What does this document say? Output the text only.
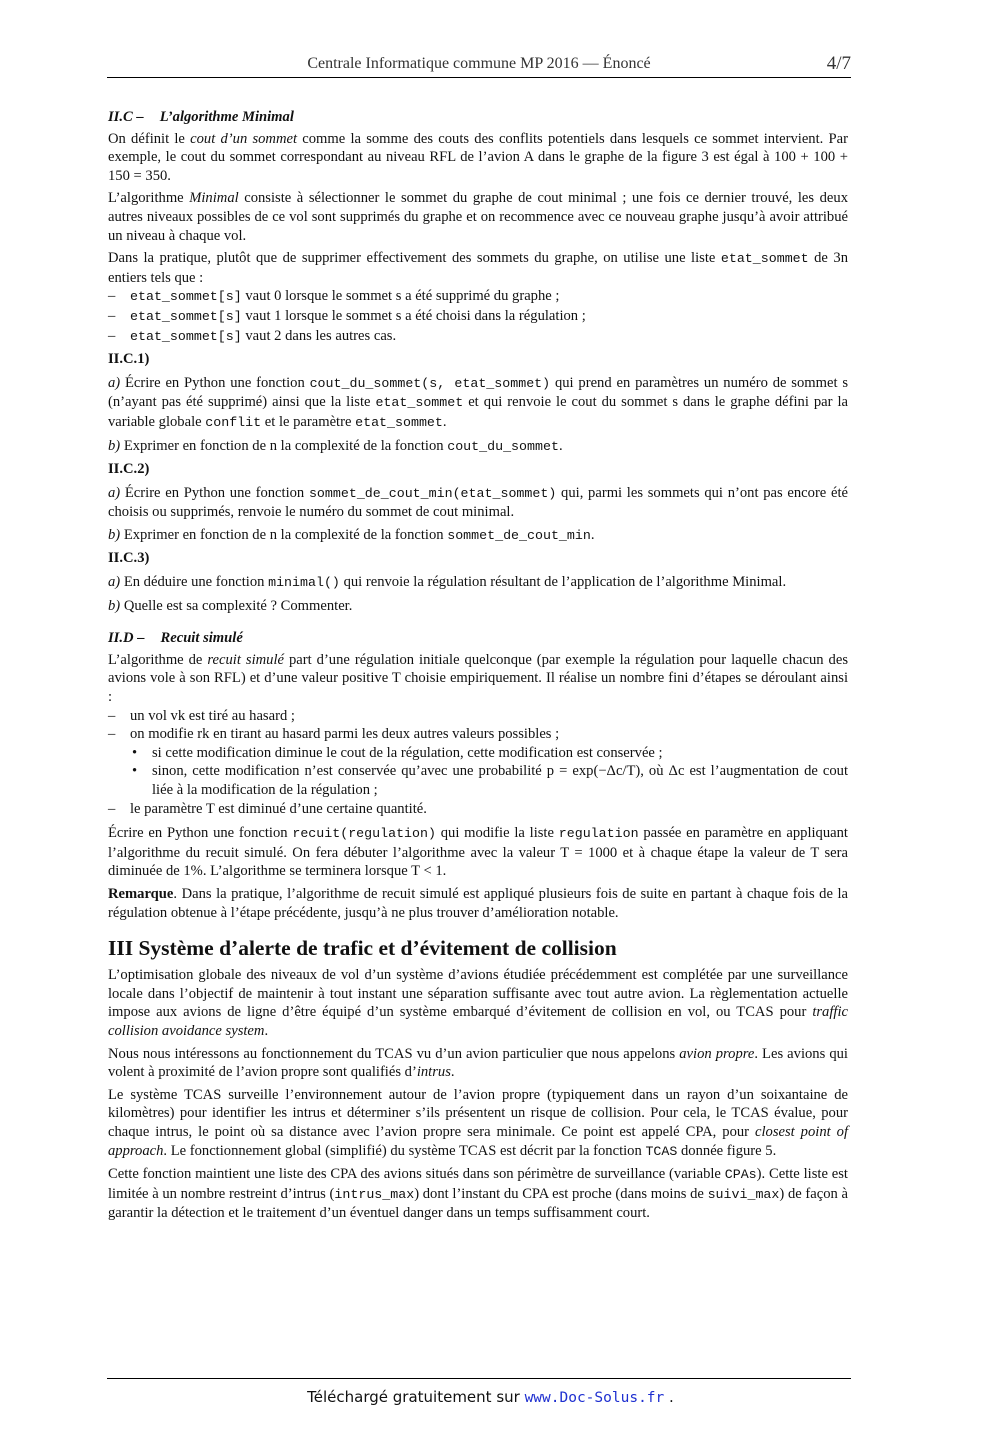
Centrale Informatique commune MP 2016 — Énoncé	4/7
II.C – L’algorithme Minimal

On définit le cout d’un sommet comme la somme des couts des conflits potentiels dans lesquels ce sommet intervient. Par exemple, le cout du sommet correspondant au niveau RFL de l’avion A dans le graphe de la figure 3 est égal à 100 + 100 + 150 = 350.

L’algorithme Minimal consiste à sélectionner le sommet du graphe de cout minimal ; une fois ce dernier trouvé, les deux autres niveaux possibles de ce vol sont supprimés du graphe et on recommence avec ce nouveau graphe jusqu’à avoir attribué un niveau à chaque vol.

Dans la pratique, plutôt que de supprimer effectivement des sommets du graphe, on utilise une liste etat_sommet de 3n entiers tels que :

– etat_sommet[s] vaut 0 lorsque le sommet s a été supprimé du graphe ;
– etat_sommet[s] vaut 1 lorsque le sommet s a été choisi dans la régulation ;
– etat_sommet[s] vaut 2 dans les autres cas.
II.C.1)

a) Écrire en Python une fonction cout_du_sommet(s, etat_sommet) qui prend en paramètres un numéro de sommet s (n’ayant pas été supprimé) ainsi que la liste etat_sommet et qui renvoie le cout du sommet s dans le graphe défini par la variable globale conflit et le paramètre etat_sommet.

b) Exprimer en fonction de n la complexité de la fonction cout_du_sommet.

II.C.2)

a) Écrire en Python une fonction sommet_de_cout_min(etat_sommet) qui, parmi les sommets qui n’ont pas encore été choisis ou supprimés, renvoie le numéro du sommet de cout minimal.

b) Exprimer en fonction de n la complexité de la fonction sommet_de_cout_min.

II.C.3)

a) En déduire une fonction minimal() qui renvoie la régulation résultant de l’application de l’algorithme Minimal.

b) Quelle est sa complexité ? Commenter.

II.D – Recuit simulé

L’algorithme de recuit simulé part d’une régulation initiale quelconque (par exemple la régulation pour laquelle chacun des avions vole à son RFL) et d’une valeur positive T choisie empiriquement. Il réalise un nombre fini d’étapes se déroulant ainsi :

– un vol vk est tiré au hasard ;
– on modifie rk en tirant au hasard parmi les deux autres valeurs possibles ;
• si cette modification diminue le cout de la régulation, cette modification est conservée ;
• sinon, cette modification n’est conservée qu’avec une probabilité p = exp(−Δc/T), où Δc est l’augmentation de cout liée à la modification de la régulation ;
– le paramètre T est diminué d’une certaine quantité.

Écrire en Python une fonction recuit(regulation) qui modifie la liste regulation passée en paramètre en appliquant l’algorithme du recuit simulé. On fera débuter l’algorithme avec la valeur T = 1000 et à chaque étape la valeur de T sera diminuée de 1%. L’algorithme se terminera lorsque T < 1.

Remarque. Dans la pratique, l’algorithme de recuit simulé est appliqué plusieurs fois de suite en partant à chaque fois de la régulation obtenue à l’étape précédente, jusqu’à ne plus trouver d’amélioration notable.

III Système d’alerte de trafic et d’évitement de collision

L’optimisation globale des niveaux de vol d’un système d’avions étudiée précédemment est complétée par une surveillance locale dans l’objectif de maintenir à tout instant une séparation suffisante avec tout autre avion. La règlementation actuelle impose aux avions de ligne d’être équipé d’un système embarqué d’évitement de collision en vol, ou TCAS pour traffic collision avoidance system.

Nous nous intéressons au fonctionnement du TCAS vu d’un avion particulier que nous appelons avion propre. Les avions qui volent à proximité de l’avion propre sont qualifiés d’intrus.

Le système TCAS surveille l’environnement autour de l’avion propre (typiquement dans un rayon d’un soixantaine de kilomètres) pour identifier les intrus et déterminer s’ils présentent un risque de collision. Pour cela, le TCAS évalue, pour chaque intrus, le point où sa distance avec l’avion propre sera minimale. Ce point est appelé CPA, pour closest point of approach. Le fonctionnement global (simplifié) du système TCAS est décrit par la fonction TCAS donnée figure 5.

Cette fonction maintient une liste des CPA des avions situés dans son périmètre de surveillance (variable CPAs). Cette liste est limitée à un nombre restreint d’intrus (intrus_max) dont l’instant du CPA est proche (dans moins de suivi_max) de façon à garantir la détection et le traitement d’un éventuel danger dans un temps suffisamment court.

Téléchargé gratuitement sur www.Doc-Solus.fr .
